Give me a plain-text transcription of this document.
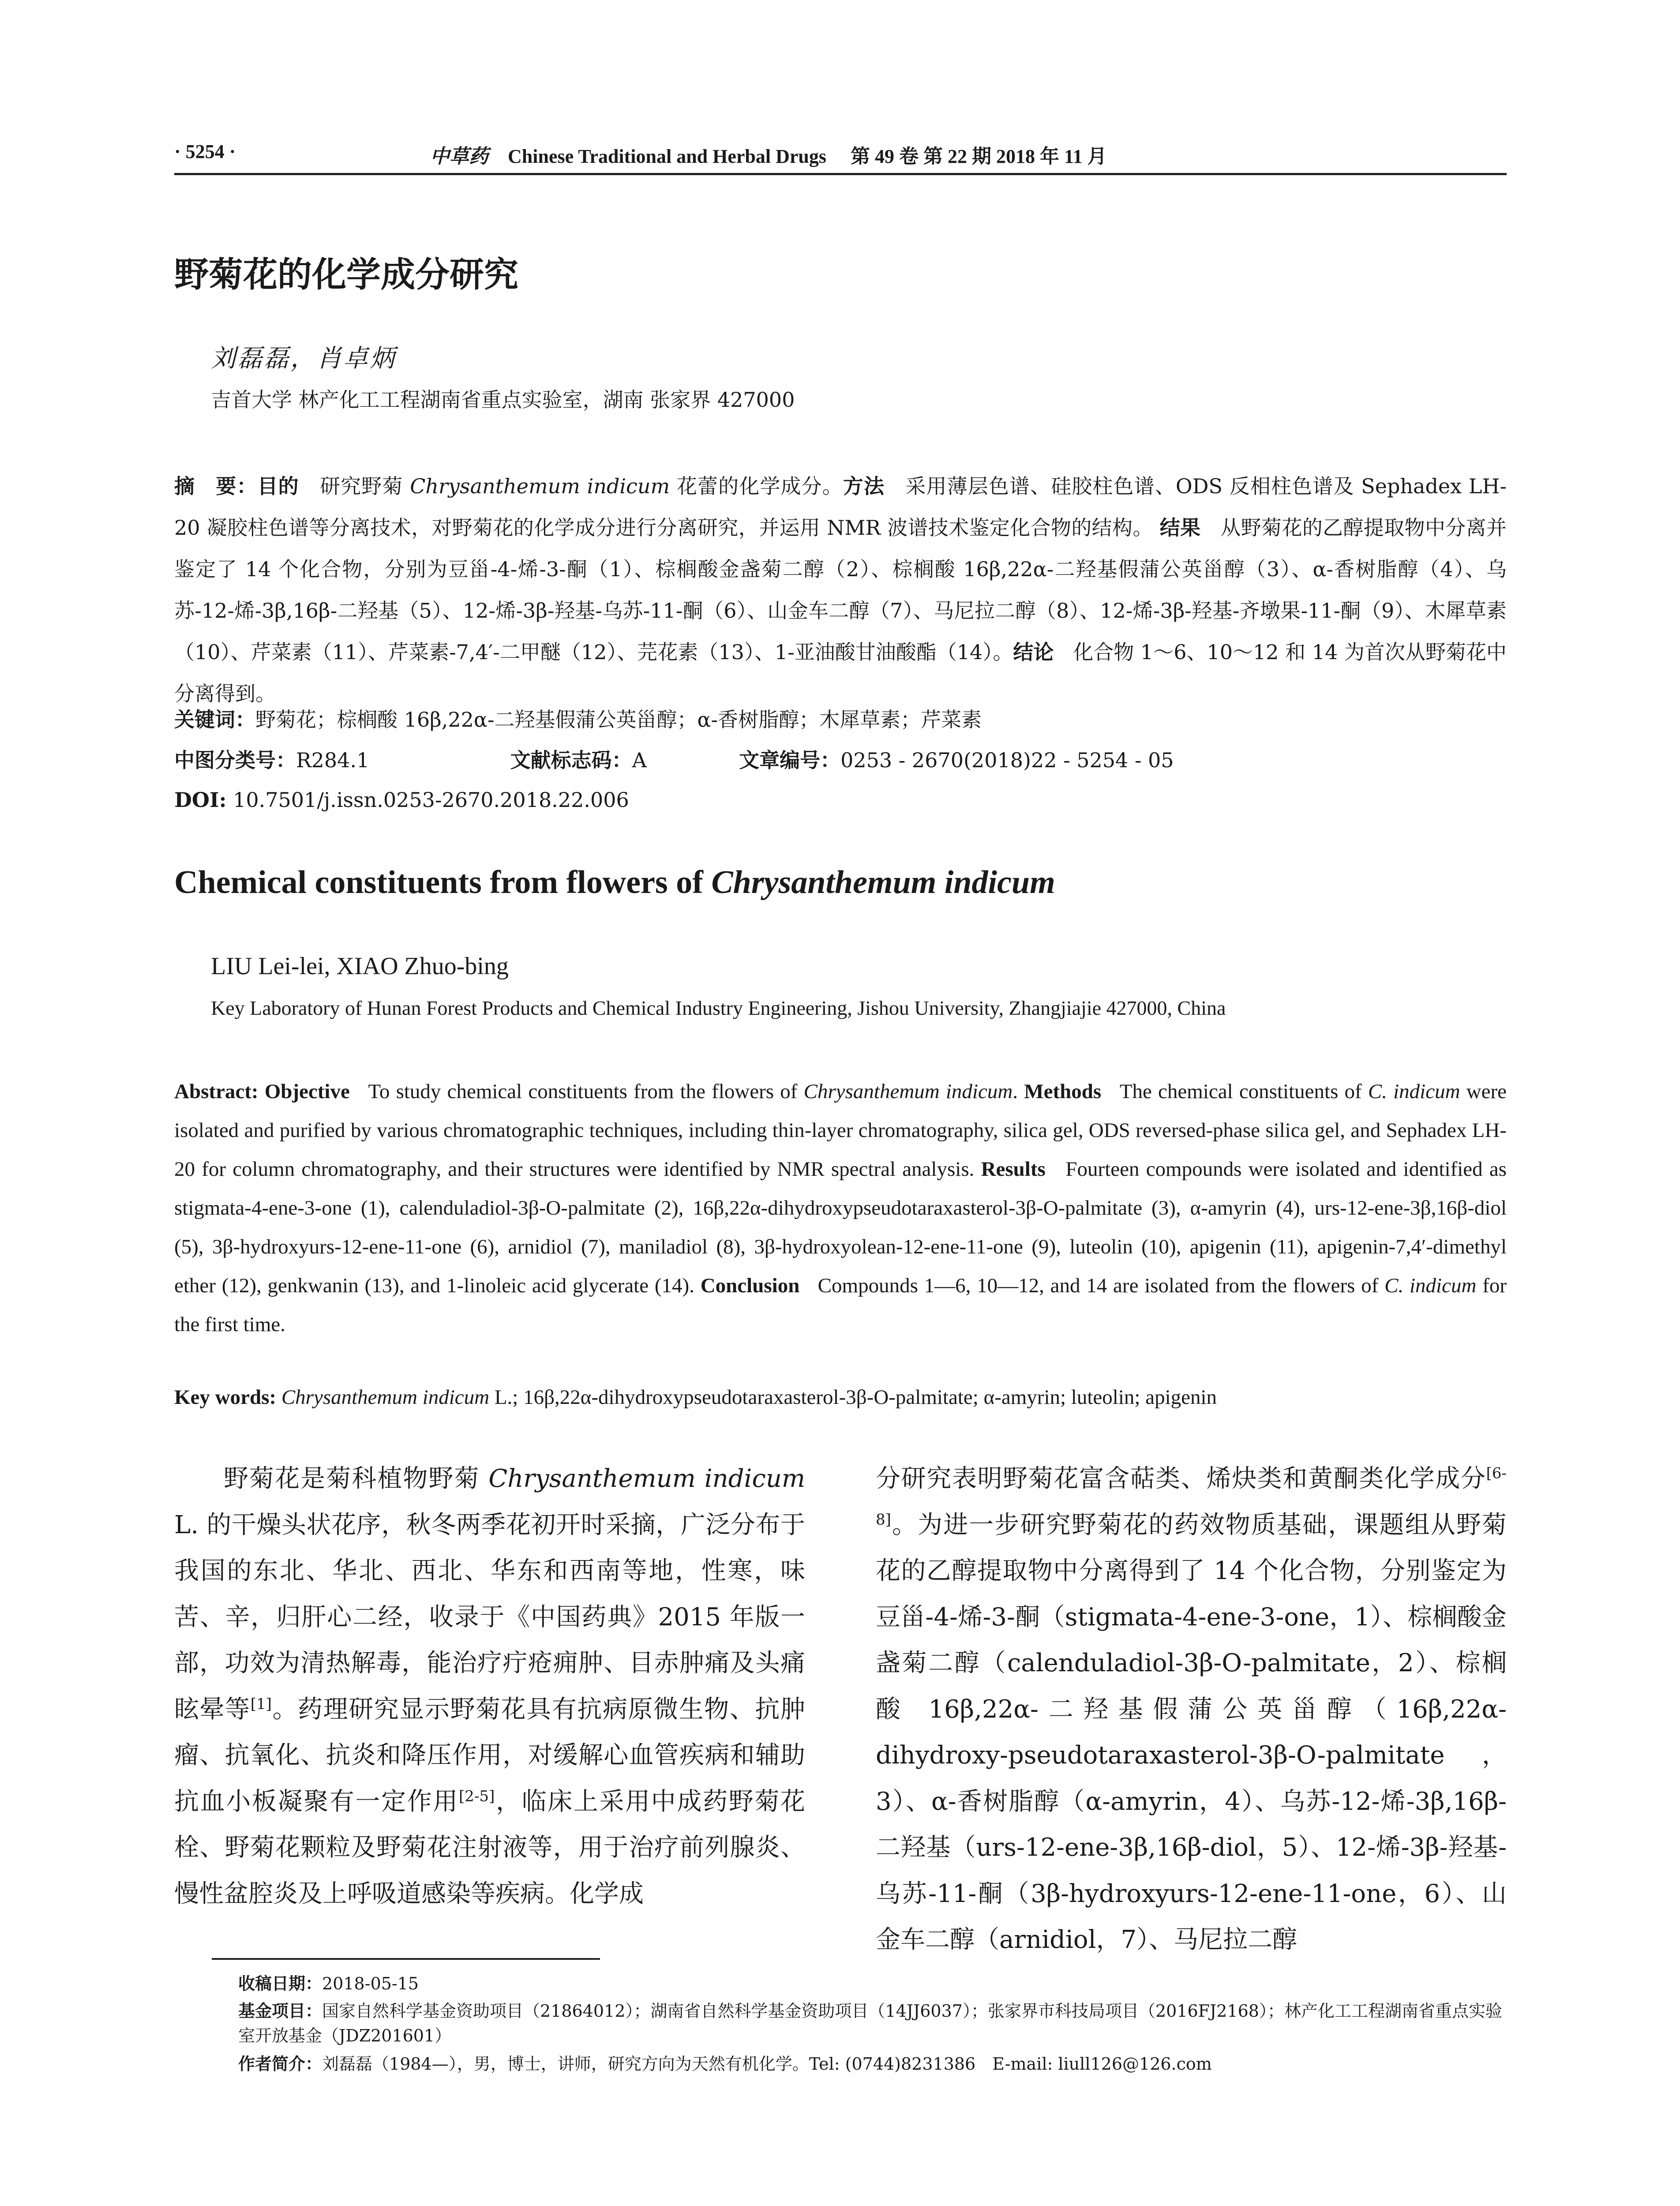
· 5254 ·	中草药 Chinese Traditional and Herbal Drugs 第 49 卷 第 22 期 2018 年 11 月
野菊花的化学成分研究
刘磊磊，肖卓炳
吉首大学 林产化工工程湖南省重点实验室，湖南 张家界 427000
摘　要：目的 研究野菊 Chrysanthemum indicum 花蕾的化学成分。方法 采用薄层色谱、硅胶柱色谱、ODS 反相柱色谱及 Sephadex LH-20 凝胶柱色谱等分离技术，对野菊花的化学成分进行分离研究，并运用 NMR 波谱技术鉴定化合物的结构。 结果 从野菊花的乙醇提取物中分离并鉴定了 14 个化合物，分别为豆甾-4-烯-3-酮（1）、棕榈酸金盏菊二醇（2）、棕榈酸 16β,22α-二羟基假蒲公英甾醇（3）、α-香树脂醇（4）、乌苏-12-烯-3β,16β-二羟基（5）、12-烯-3β-羟基-乌苏-11-酮（6）、山金车二醇（7）、马尼拉二醇（8）、12-烯-3β-羟基-齐墩果-11-酮（9）、木犀草素（10）、芹菜素（11）、芹菜素-7,4′-二甲醚（12）、芫花素（13）、1-亚油酸甘油酸酯（14）。结论 化合物 1～6、10～12 和 14 为首次从野菊花中分离得到。
关键词：野菊花；棕榈酸 16β,22α-二羟基假蒲公英甾醇；α-香树脂醇；木犀草素；芹菜素
中图分类号：R284.1	文献标志码：A	文章编号：0253 - 2670(2018)22 - 5254 - 05
DOI: 10.7501/j.issn.0253-2670.2018.22.006
Chemical constituents from flowers of Chrysanthemum indicum
LIU Lei-lei, XIAO Zhuo-bing
Key Laboratory of Hunan Forest Products and Chemical Industry Engineering, Jishou University, Zhangjiajie 427000, China
Abstract: Objective To study chemical constituents from the flowers of Chrysanthemum indicum. Methods The chemical constituents of C. indicum were isolated and purified by various chromatographic techniques, including thin-layer chromatography, silica gel, ODS reversed-phase silica gel, and Sephadex LH-20 for column chromatography, and their structures were identified by NMR spectral analysis. Results Fourteen compounds were isolated and identified as stigmata-4-ene-3-one (1), calenduladiol-3β-O-palmitate (2), 16β,22α-dihydroxypseudotaraxasterol-3β-O-palmitate (3), α-amyrin (4), urs-12-ene-3β,16β-diol (5), 3β-hydroxyurs-12-ene-11-one (6), arnidiol (7), maniladiol (8), 3β-hydroxyolean-12-ene-11-one (9), luteolin (10), apigenin (11), apigenin-7,4′-dimethyl ether (12), genkwanin (13), and 1-linoleic acid glycerate (14). Conclusion Compounds 1—6, 10—12, and 14 are isolated from the flowers of C. indicum for the first time.
Key words: Chrysanthemum indicum L.; 16β,22α-dihydroxypseudotaraxasterol-3β-O-palmitate; α-amyrin; luteolin; apigenin
野菊花是菊科植物野菊 Chrysanthemum indicum L. 的干燥头状花序，秋冬两季花初开时采摘，广泛分布于我国的东北、华北、西北、华东和西南等地，性寒，味苦、辛，归肝心二经，收录于《中国药典》2015 年版一部，功效为清热解毒，能治疗疔疮痈肿、目赤肿痛及头痛眩晕等[1]。药理研究显示野菊花具有抗病原微生物、抗肿瘤、抗氧化、抗炎和降压作用，对缓解心血管疾病和辅助抗血小板凝聚有一定作用[2-5]，临床上采用中成药野菊花栓、野菊花颗粒及野菊花注射液等，用于治疗前列腺炎、慢性盆腔炎及上呼吸道感染等疾病。化学成
分研究表明野菊花富含萜类、烯炔类和黄酮类化学成分[6-8]。为进一步研究野菊花的药效物质基础，课题组从野菊花的乙醇提取物中分离得到了 14 个化合物，分别鉴定为豆甾-4-烯-3-酮（stigmata-4-ene-3-one，1）、棕榈酸金盏菊二醇（calenduladiol-3β-O-palmitate，2）、棕榈酸 16β,22α-二羟基假蒲公英甾醇（16β,22α-dihydroxy-pseudotaraxasterol-3β-O-palmitate，3）、α-香树脂醇（α-amyrin，4）、乌苏-12-烯-3β,16β-二羟基（urs-12-ene-3β,16β-diol，5）、12-烯-3β-羟基-乌苏-11-酮（3β-hydroxyurs-12-ene-11-one，6）、山金车二醇（arnidiol，7）、马尼拉二醇
收稿日期：2018-05-15
基金项目：国家自然科学基金资助项目（21864012）；湖南省自然科学基金资助项目（14JJ6037）；张家界市科技局项目（2016FJ2168）；林产化工工程湖南省重点实验室开放基金（JDZ201601）
作者简介：刘磊磊（1984—），男，博士，讲师，研究方向为天然有机化学。Tel: (0744)8231386　E-mail: liull126@126.com
